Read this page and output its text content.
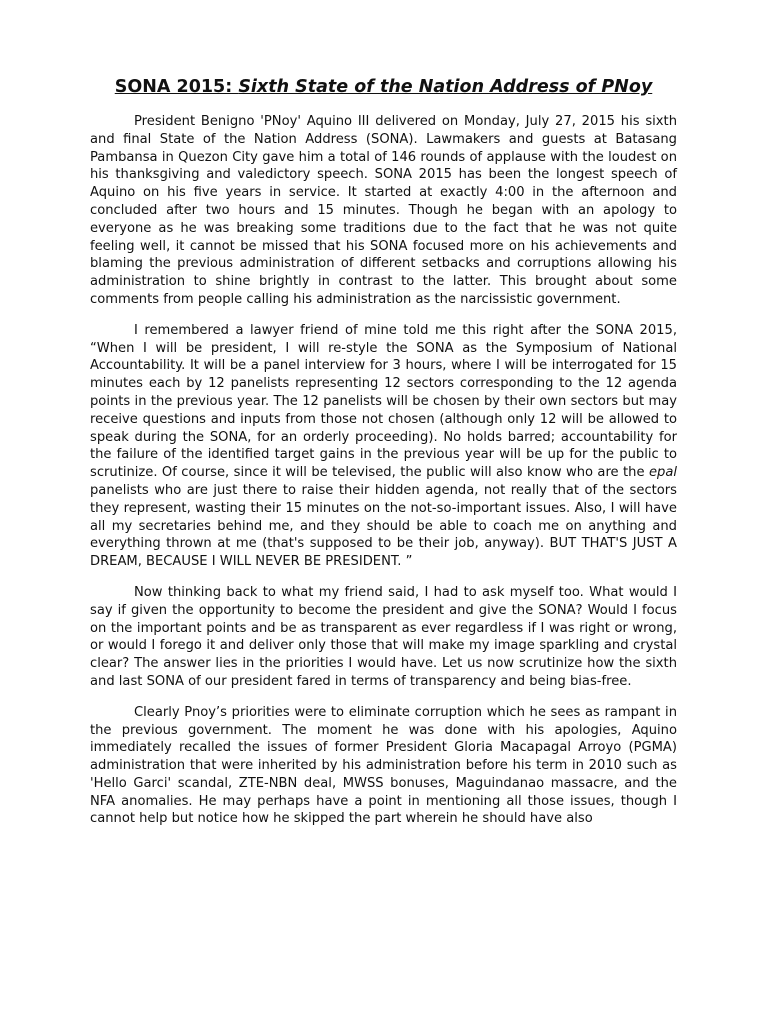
SONA 2015: Sixth State of the Nation Address of PNoy

President Benigno 'PNoy' Aquino III delivered on Monday, July 27, 2015 his sixth and final State of the Nation Address (SONA). Lawmakers and guests at Batasang Pambansa in Quezon City gave him a total of 146 rounds of applause with the loudest on his thanksgiving and valedictory speech. SONA 2015 has been the longest speech of Aquino on his five years in service. It started at exactly 4:00 in the afternoon and concluded after two hours and 15 minutes. Though he began with an apology to everyone as he was breaking some traditions due to the fact that he was not quite feeling well, it cannot be missed that his SONA focused more on his achievements and blaming the previous administration of different setbacks and corruptions allowing his administration to shine brightly in contrast to the latter. This brought about some comments from people calling his administration as the narcissistic government.

I remembered a lawyer friend of mine told me this right after the SONA 2015, “When I will be president, I will re-style the SONA as the Symposium of National Accountability. It will be a panel interview for 3 hours, where I will be interrogated for 15 minutes each by 12 panelists representing 12 sectors corresponding to the 12 agenda points in the previous year. The 12 panelists will be chosen by their own sectors but may receive questions and inputs from those not chosen (although only 12 will be allowed to speak during the SONA, for an orderly proceeding). No holds barred; accountability for the failure of the identified target gains in the previous year will be up for the public to scrutinize. Of course, since it will be televised, the public will also know who are the epal panelists who are just there to raise their hidden agenda, not really that of the sectors they represent, wasting their 15 minutes on the not-so-important issues. Also, I will have all my secretaries behind me, and they should be able to coach me on anything and everything thrown at me (that's supposed to be their job, anyway). BUT THAT'S JUST A DREAM, BECAUSE I WILL NEVER BE PRESIDENT. ”

Now thinking back to what my friend said, I had to ask myself too. What would I say if given the opportunity to become the president and give the SONA? Would I focus on the important points and be as transparent as ever regardless if I was right or wrong, or would I forego it and deliver only those that will make my image sparkling and crystal clear? The answer lies in the priorities I would have. Let us now scrutinize how the sixth and last SONA of our president fared in terms of transparency and being bias-free.

Clearly Pnoy’s priorities were to eliminate corruption which he sees as rampant in the previous government. The moment he was done with his apologies, Aquino immediately recalled the issues of former President Gloria Macapagal Arroyo (PGMA) administration that were inherited by his administration before his term in 2010 such as 'Hello Garci' scandal, ZTE-NBN deal, MWSS bonuses, Maguindanao massacre, and the NFA anomalies. He may perhaps have a point in mentioning all those issues, though I cannot help but notice how he skipped the part wherein he should have also
